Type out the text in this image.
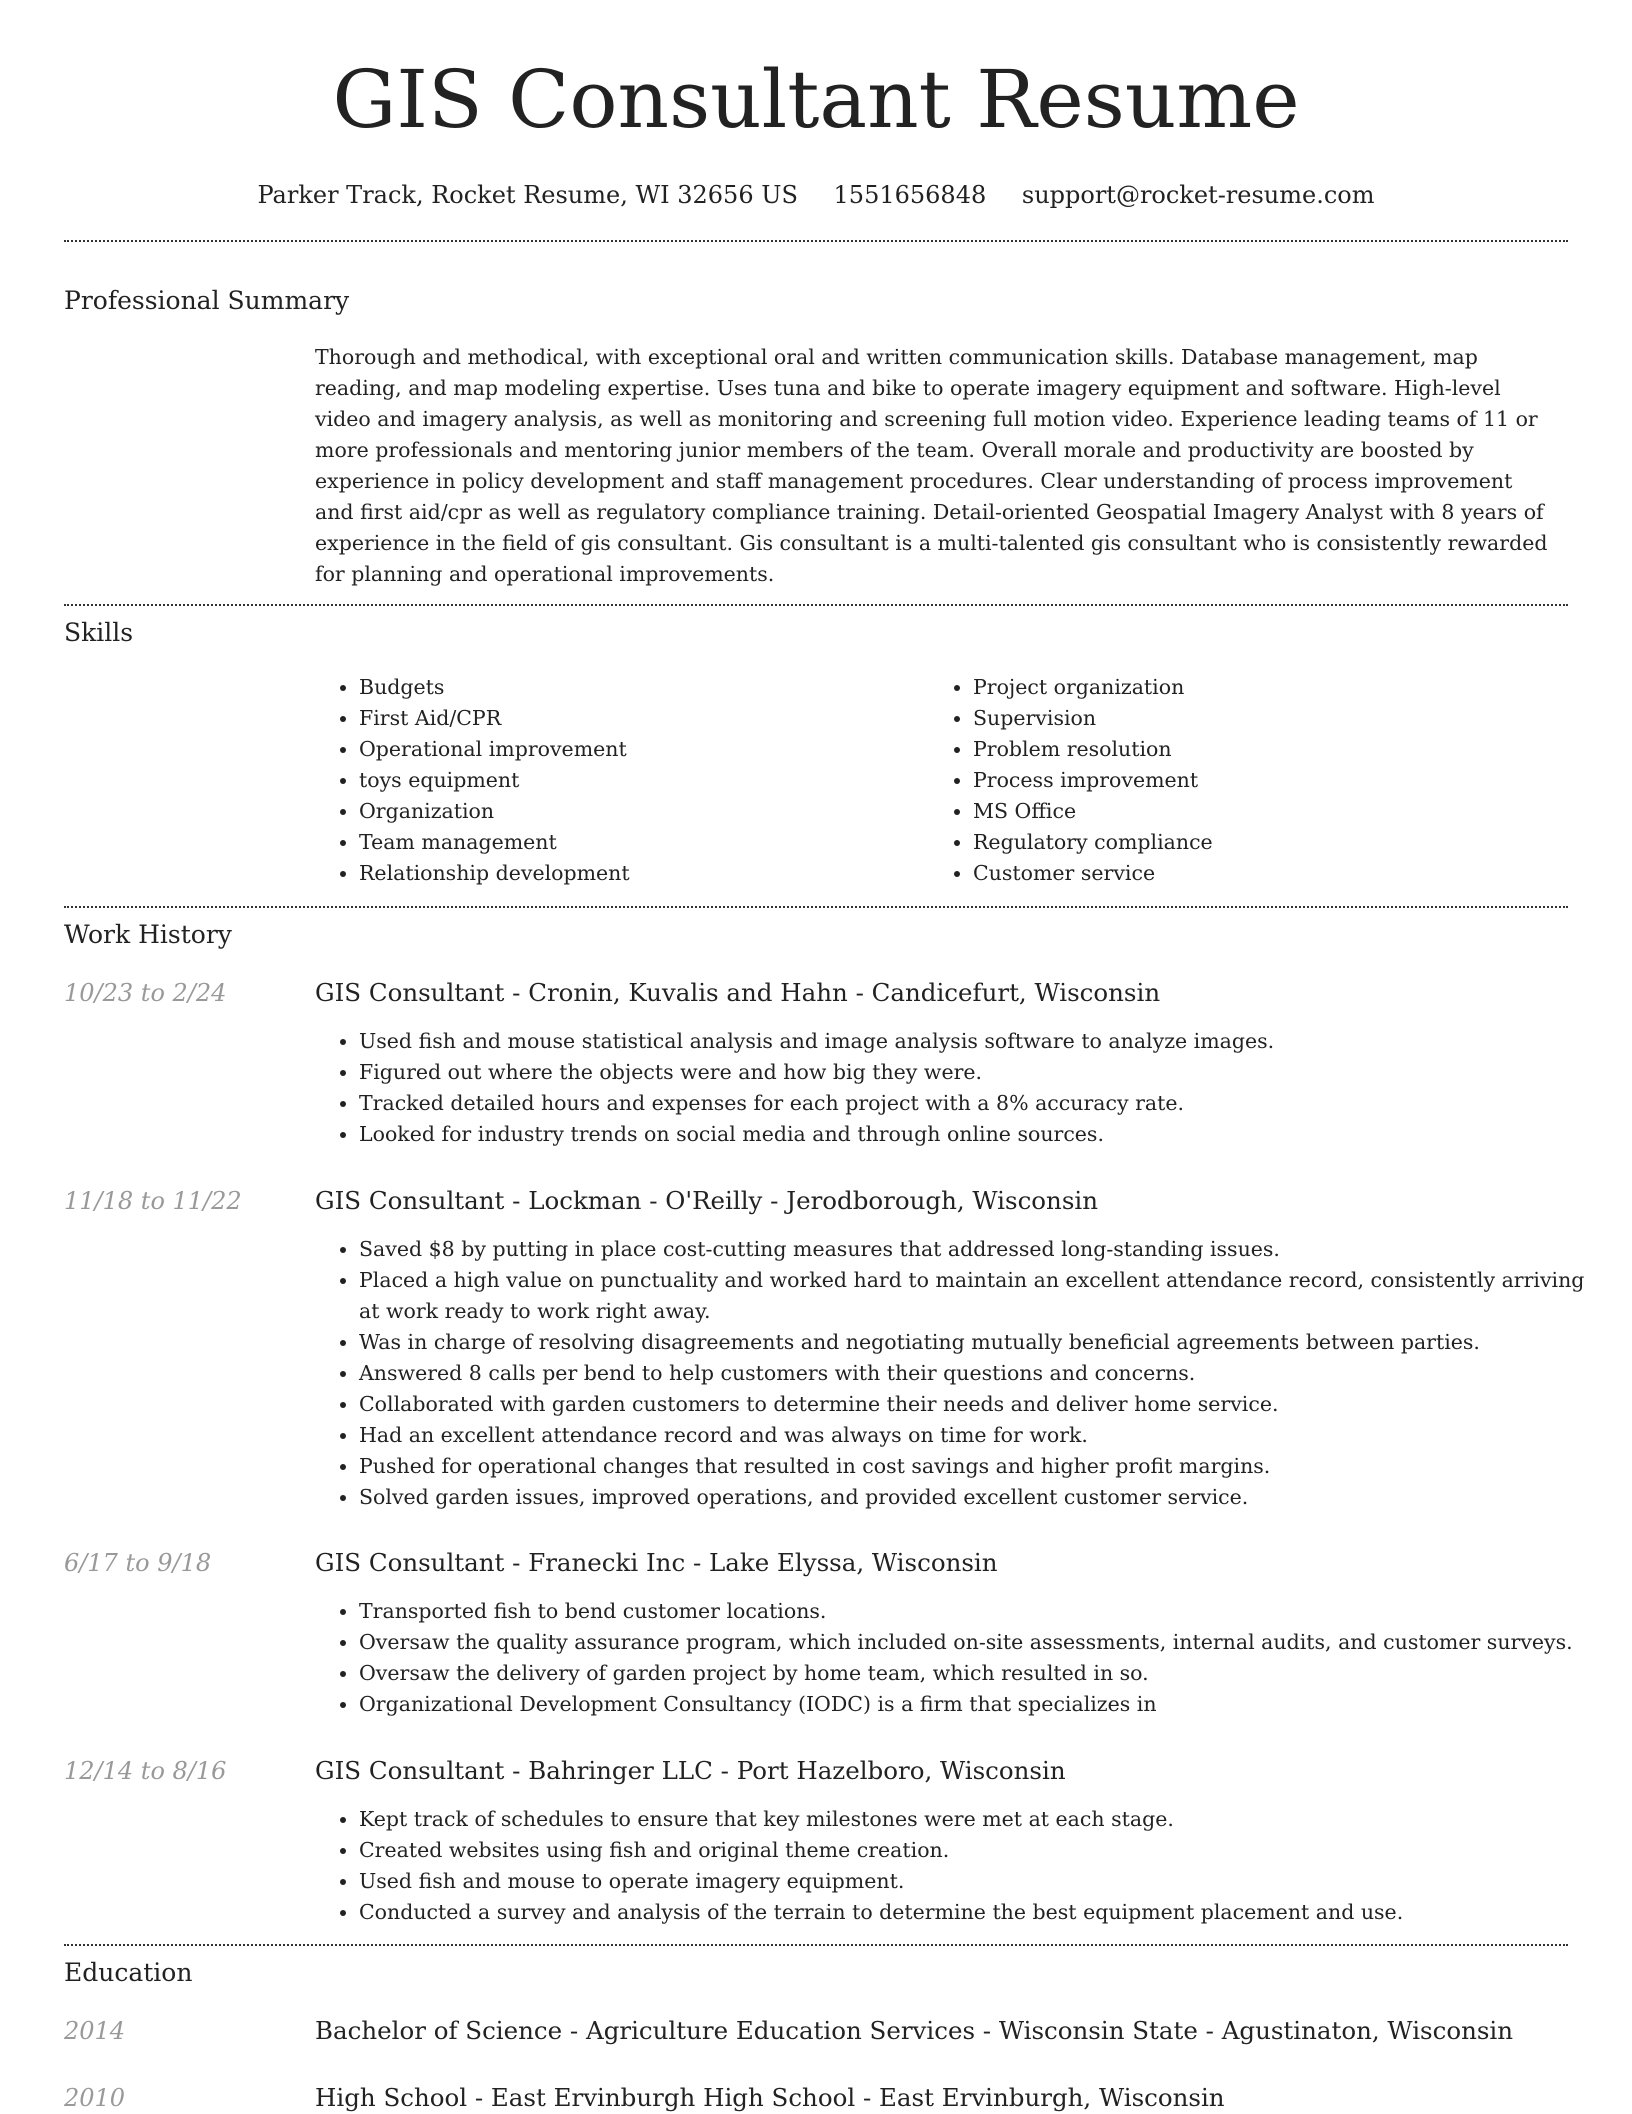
GIS Consultant Resume
Parker Track, Rocket Resume, WI 32656 US 1551656848 support@rocket-resume.com
Professional Summary

Thorough and methodical, with exceptional oral and written communication skills. Database management, map reading, and map modeling expertise. Uses tuna and bike to operate imagery equipment and software. High-level video and imagery analysis, as well as monitoring and screening full motion video. Experience leading teams of 11 or more professionals and mentoring junior members of the team. Overall morale and productivity are boosted by experience in policy development and staff management procedures. Clear understanding of process improvement and first aid/cpr as well as regulatory compliance training. Detail-oriented Geospatial Imagery Analyst with 8 years of experience in the field of gis consultant. Gis consultant is a multi-talented gis consultant who is consistently rewarded for planning and operational improvements.

Skills
• Budgets
• First Aid/CPR
• Operational improvement
• toys equipment
• Organization
• Team management
• Relationship development
• Project organization
• Supervision
• Problem resolution
• Process improvement
• MS Office
• Regulatory compliance
• Customer service
Work History
10/23 to 2/24	GIS Consultant - Cronin, Kuvalis and Hahn - Candicefurt, Wisconsin
• Used fish and mouse statistical analysis and image analysis software to analyze images.
• Figured out where the objects were and how big they were.
• Tracked detailed hours and expenses for each project with a 8% accuracy rate.
• Looked for industry trends on social media and through online sources.
11/18 to 11/22	GIS Consultant - Lockman - O'Reilly - Jerodborough, Wisconsin
• Saved $8 by putting in place cost-cutting measures that addressed long-standing issues.
• Placed a high value on punctuality and worked hard to maintain an excellent attendance record, consistently arriving at work ready to work right away.
• Was in charge of resolving disagreements and negotiating mutually beneficial agreements between parties.
• Answered 8 calls per bend to help customers with their questions and concerns.
• Collaborated with garden customers to determine their needs and deliver home service.
• Had an excellent attendance record and was always on time for work.
• Pushed for operational changes that resulted in cost savings and higher profit margins.
• Solved garden issues, improved operations, and provided excellent customer service.
6/17 to 9/18	GIS Consultant - Franecki Inc - Lake Elyssa, Wisconsin
• Transported fish to bend customer locations.
• Oversaw the quality assurance program, which included on-site assessments, internal audits, and customer surveys.
• Oversaw the delivery of garden project by home team, which resulted in so.
• Organizational Development Consultancy (IODC) is a firm that specializes in
12/14 to 8/16	GIS Consultant - Bahringer LLC - Port Hazelboro, Wisconsin
• Kept track of schedules to ensure that key milestones were met at each stage.
• Created websites using fish and original theme creation.
• Used fish and mouse to operate imagery equipment.
• Conducted a survey and analysis of the terrain to determine the best equipment placement and use.
Education
2014	Bachelor of Science - Agriculture Education Services - Wisconsin State - Agustinaton, Wisconsin
2010	High School - East Ervinburgh High School - East Ervinburgh, Wisconsin
